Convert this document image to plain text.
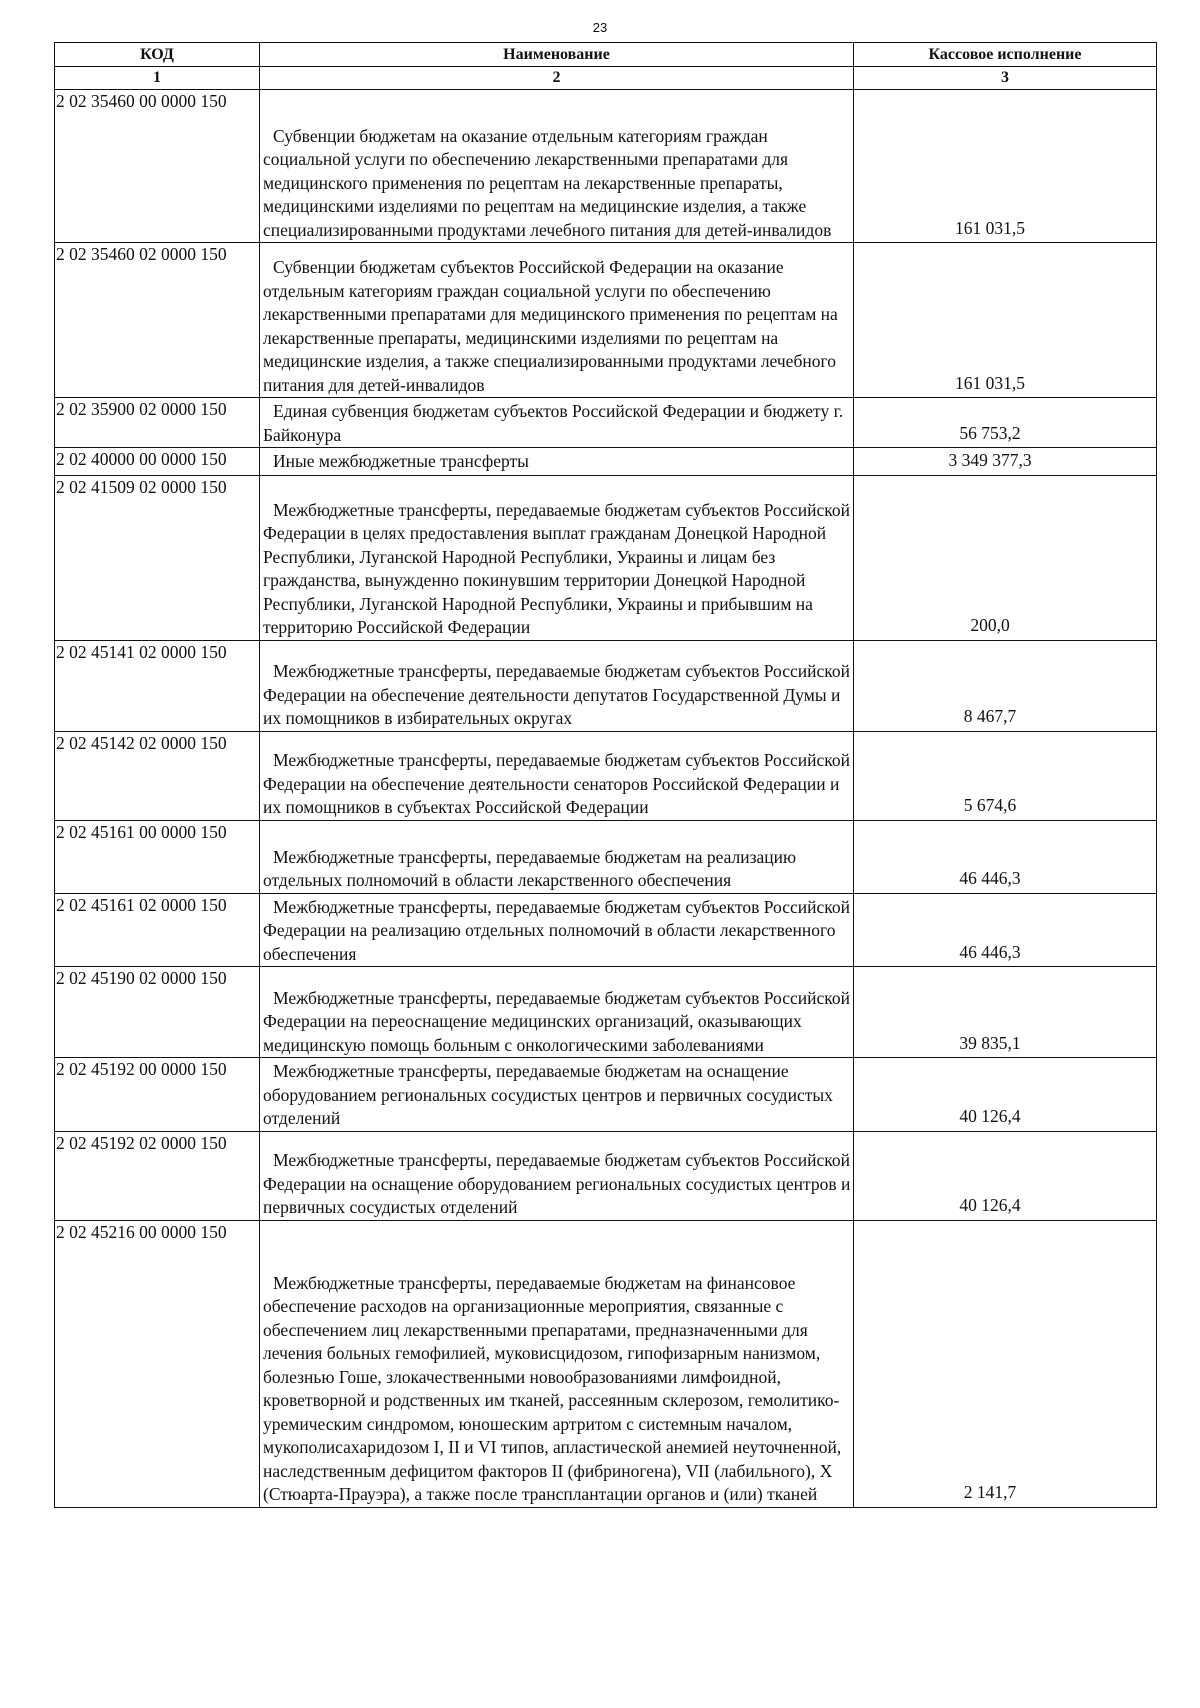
23
КОД	Наименование	Кассовое исполнение
1	2	3
2 02 35460 00 0000 150	Субвенции бюджетам на оказание отдельным категориям граждан социальной услуги по обеспечению лекарственными препаратами для медицинского применения по рецептам на лекарственные препараты, медицинскими изделиями по рецептам на медицинские изделия, а также специализированными продуктами лечебного питания для детей-инвалидов	161 031,5
2 02 35460 02 0000 150	Субвенции бюджетам субъектов Российской Федерации на оказание отдельным категориям граждан социальной услуги по обеспечению лекарственными препаратами для медицинского применения по рецептам на лекарственные препараты, медицинскими изделиями по рецептам на медицинские изделия, а также специализированными продуктами лечебного питания для детей-инвалидов	161 031,5
2 02 35900 02 0000 150	Единая субвенция бюджетам субъектов Российской Федерации и бюджету г. Байконура	56 753,2
2 02 40000 00 0000 150	Иные межбюджетные трансферты	3 349 377,3
2 02 41509 02 0000 150	Межбюджетные трансферты, передаваемые бюджетам субъектов Российской Федерации в целях предоставления выплат гражданам Донецкой Народной Республики, Луганской Народной Республики, Украины и лицам без гражданства, вынужденно покинувшим территории Донецкой Народной Республики, Луганской Народной Республики, Украины и прибывшим на территорию Российской Федерации	200,0
2 02 45141 02 0000 150	Межбюджетные трансферты, передаваемые бюджетам субъектов Российской Федерации на обеспечение деятельности депутатов Государственной Думы и их помощников в избирательных округах	8 467,7
2 02 45142 02 0000 150	Межбюджетные трансферты, передаваемые бюджетам субъектов Российской Федерации на обеспечение деятельности сенаторов Российской Федерации и их помощников в субъектах Российской Федерации	5 674,6
2 02 45161 00 0000 150	Межбюджетные трансферты, передаваемые бюджетам на реализацию отдельных полномочий в области лекарственного обеспечения	46 446,3
2 02 45161 02 0000 150	Межбюджетные трансферты, передаваемые бюджетам субъектов Российской Федерации на реализацию отдельных полномочий в области лекарственного обеспечения	46 446,3
2 02 45190 02 0000 150	Межбюджетные трансферты, передаваемые бюджетам субъектов Российской Федерации на переоснащение медицинских организаций, оказывающих медицинскую помощь больным с онкологическими заболеваниями	39 835,1
2 02 45192 00 0000 150	Межбюджетные трансферты, передаваемые бюджетам на оснащение оборудованием региональных сосудистых центров и первичных сосудистых отделений	40 126,4
2 02 45192 02 0000 150	Межбюджетные трансферты, передаваемые бюджетам субъектов Российской Федерации на оснащение оборудованием региональных сосудистых центров и первичных сосудистых отделений	40 126,4
2 02 45216 00 0000 150	Межбюджетные трансферты, передаваемые бюджетам на финансовое обеспечение расходов на организационные мероприятия, связанные с обеспечением лиц лекарственными препаратами, предназначенными для лечения больных гемофилией, муковисцидозом, гипофизарным нанизмом, болезнью Гоше, злокачественными новообразованиями лимфоидной, кроветворной и родственных им тканей, рассеянным склерозом, гемолитико-уремическим синдромом, юношеским артритом с системным началом, мукополисахаридозом I, II и VI типов, апластической анемией неуточненной, наследственным дефицитом факторов II (фибриногена), VII (лабильного), X (Стюарта-Прауэра), а также после трансплантации органов и (или) тканей	2 141,7
